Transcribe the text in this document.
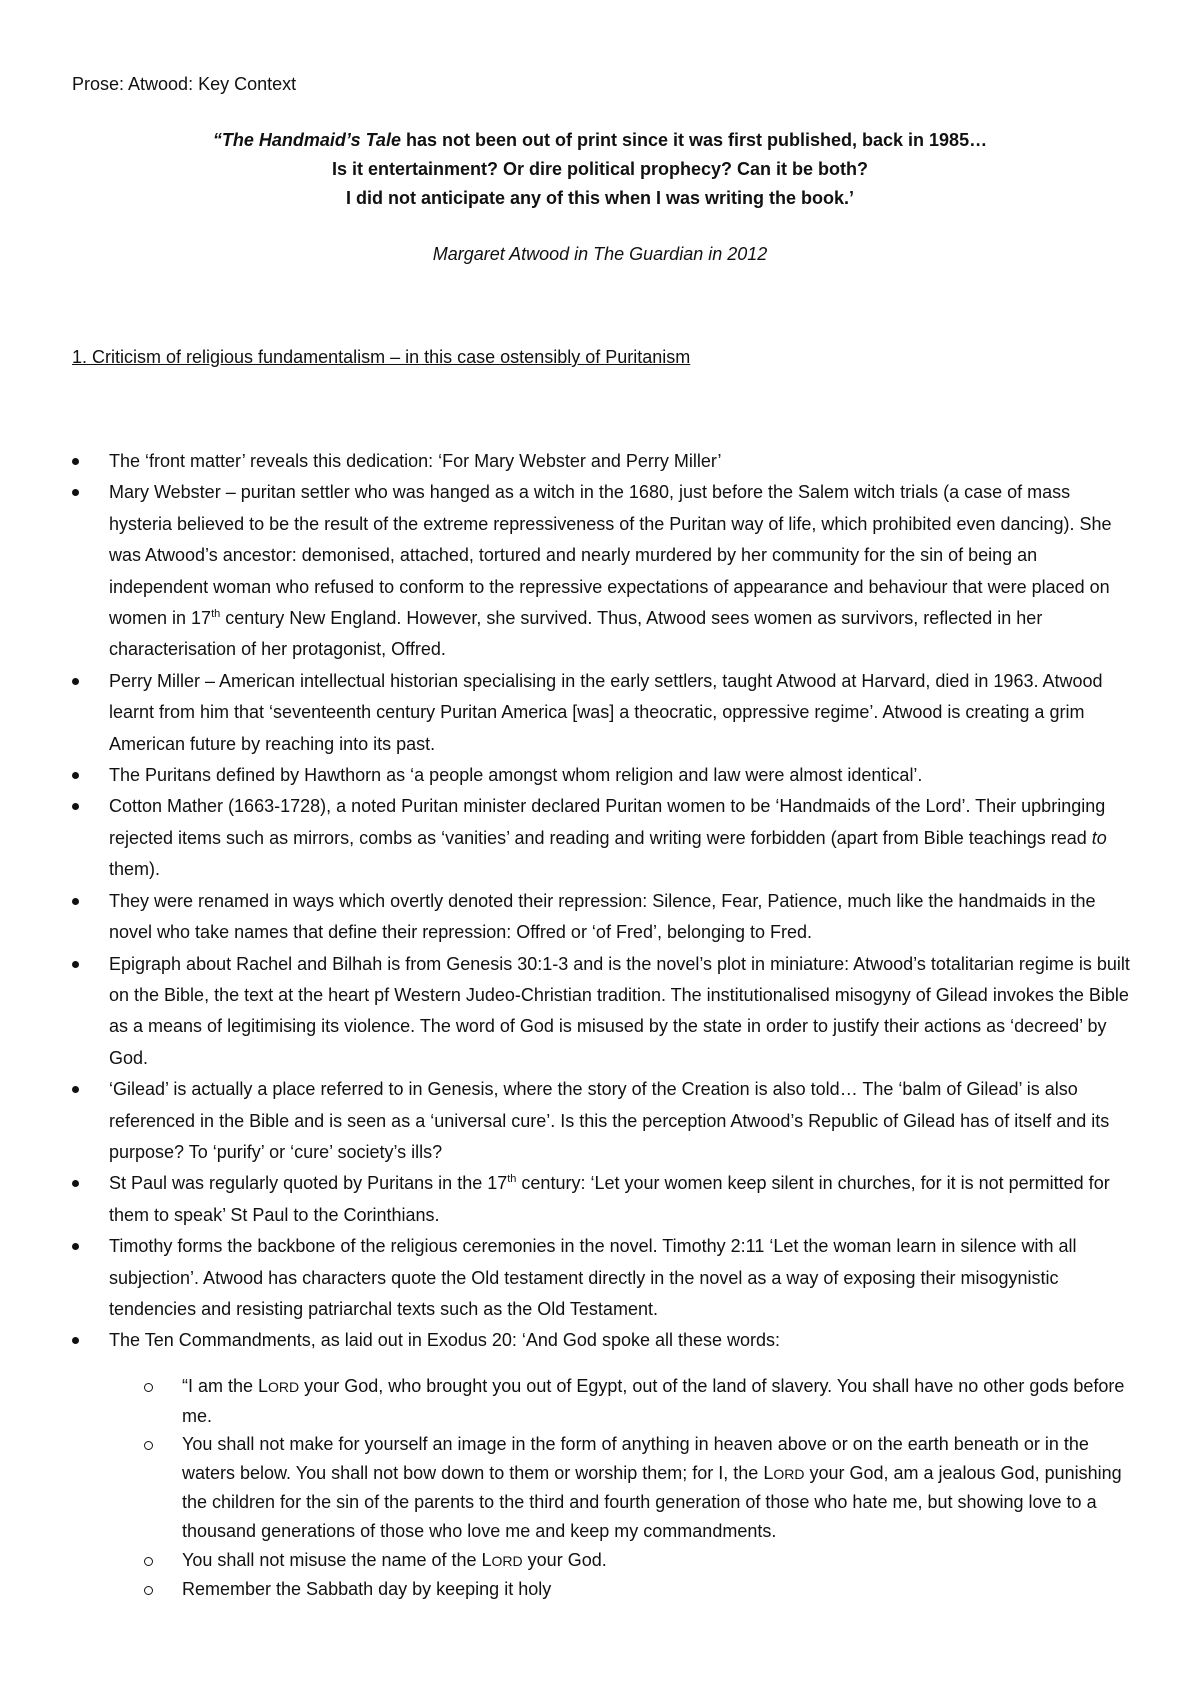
Prose: Atwood: Key Context
“The Handmaid’s Tale has not been out of print since it was first published, back in 1985…
Is it entertainment? Or dire political prophecy? Can it be both?
I did not anticipate any of this when I was writing the book.’
Margaret Atwood in The Guardian in 2012
1. Criticism of religious fundamentalism – in this case ostensibly of Puritanism
The ‘front matter’ reveals this dedication: ‘For Mary Webster and Perry Miller’
Mary Webster – puritan settler who was hanged as a witch in the 1680, just before the Salem witch trials (a case of mass hysteria believed to be the result of the extreme repressiveness of the Puritan way of life, which prohibited even dancing). She was Atwood’s ancestor: demonised, attached, tortured and nearly murdered by her community for the sin of being an independent woman who refused to conform to the repressive expectations of appearance and behaviour that were placed on women in 17th century New England. However, she survived. Thus, Atwood sees women as survivors, reflected in her characterisation of her protagonist, Offred.
Perry Miller – American intellectual historian specialising in the early settlers, taught Atwood at Harvard, died in 1963. Atwood learnt from him that ‘seventeenth century Puritan America [was] a theocratic, oppressive regime’. Atwood is creating a grim American future by reaching into its past.
The Puritans defined by Hawthorn as ‘a people amongst whom religion and law were almost identical’.
Cotton Mather (1663-1728), a noted Puritan minister declared Puritan women to be ‘Handmaids of the Lord’. Their upbringing rejected items such as mirrors, combs as ‘vanities’ and reading and writing were forbidden (apart from Bible teachings read to them).
They were renamed in ways which overtly denoted their repression: Silence, Fear, Patience, much like the handmaids in the novel who take names that define their repression: Offred or ‘of Fred’, belonging to Fred.
Epigraph about Rachel and Bilhah is from Genesis 30:1-3 and is the novel’s plot in miniature: Atwood’s totalitarian regime is built on the Bible, the text at the heart pf Western Judeo-Christian tradition. The institutionalised misogyny of Gilead invokes the Bible as a means of legitimising its violence. The word of God is misused by the state in order to justify their actions as ‘decreed’ by God.
‘Gilead’ is actually a place referred to in Genesis, where the story of the Creation is also told… The ‘balm of Gilead’ is also referenced in the Bible and is seen as a ‘universal cure’. Is this the perception Atwood’s Republic of Gilead has of itself and its purpose? To ‘purify’ or ‘cure’ society’s ills?
St Paul was regularly quoted by Puritans in the 17th century: ‘Let your women keep silent in churches, for it is not permitted for them to speak’ St Paul to the Corinthians.
Timothy forms the backbone of the religious ceremonies in the novel. Timothy 2:11 ‘Let the woman learn in silence with all subjection’. Atwood has characters quote the Old testament directly in the novel as a way of exposing their misogynistic tendencies and resisting patriarchal texts such as the Old Testament.
The Ten Commandments, as laid out in Exodus 20: ‘And God spoke all these words:
“I am the LORD your God, who brought you out of Egypt, out of the land of slavery. You shall have no other gods before me.
You shall not make for yourself an image in the form of anything in heaven above or on the earth beneath or in the waters below. You shall not bow down to them or worship them; for I, the LORD your God, am a jealous God, punishing the children for the sin of the parents to the third and fourth generation of those who hate me, but showing love to a thousand generations of those who love me and keep my commandments.
You shall not misuse the name of the LORD your God.
Remember the Sabbath day by keeping it holy
